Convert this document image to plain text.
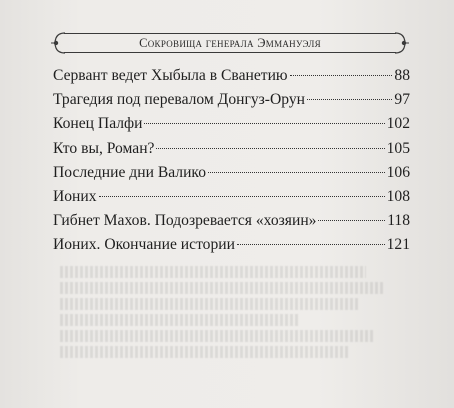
Сокровища генерала Эммануэля
Сервант ведет Хыбыла в Сванетию	88
Трагедия под перевалом Донгуз-Орун	97
Конец Палфи	102
Кто вы, Роман?	105
Последние дни Валико	106
Ионих	108
Гибнет Махов. Подозревается «хозяин»	118
Ионих. Окончание истории	121
